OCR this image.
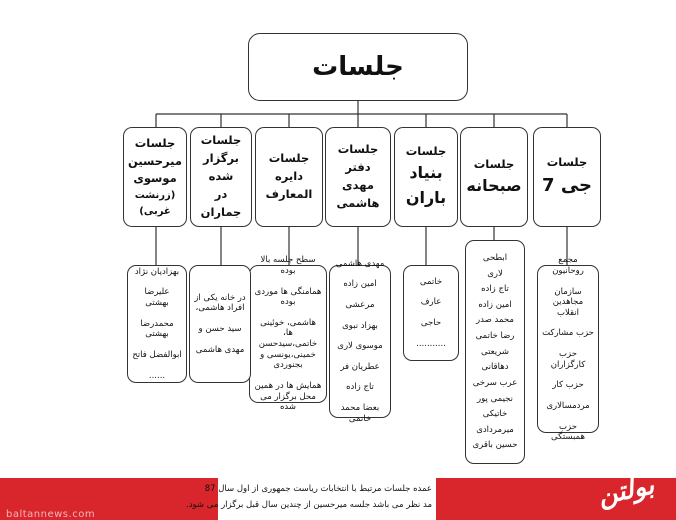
جلسات
جلسات
جی 7
جلسات
صبحانه
جلسات
بنیاد باران
جلسات
دفتر
مهدی هاشمی
جلسات
دایره المعارف
جلسات
برگزار شده
در جماران
جلسات
میرحسین
موسوی
(زرنشت غربی)
مجمع روحانیون
سازمان مجاهدین انقلاب
حزب مشارکت
حزب کارگزاران
حزب کار
مردمسالاری
حزب همبستگی
ابطحی
لاری
تاج زاده
امین زاده
محمد صدر
رضا خاتمی
شریعتی
دهاقانی
عرب سرخی
نجیمی پور
خاتیکی
میرمردادی
حسین باقری
خاتمی
عارف
حاجی
...........
مهدی هاشمی
امین زاده
مرعشی
بهزاد نبوی
موسوی لاری
عطریان فر
تاج زاده
بعضا محمد خاتمی
سطح جلسه بالا بوده
همامنگی ها موردی بوده
هاشمی، خوئینی ها، خاتمی،سیدحسن خمینی،یونسی و بجنوردی
همایش ها در همین محل برگزار می شده
در خانه یکی از افراد هاشمی،
سید حسن و
مهدی هاشمی
بهزادیان نژاد
علیرضا بهشتی
محمدرضا بهشتی
ابوالفضل فاتح
......
عمده جلسات مرتبط با انتخابات ریاست جمهوری از اول سال 87
مد نظر می باشد جلسه میرحسین از چندین سال قبل برگزار می شود.	بولتن
baltannews.com
